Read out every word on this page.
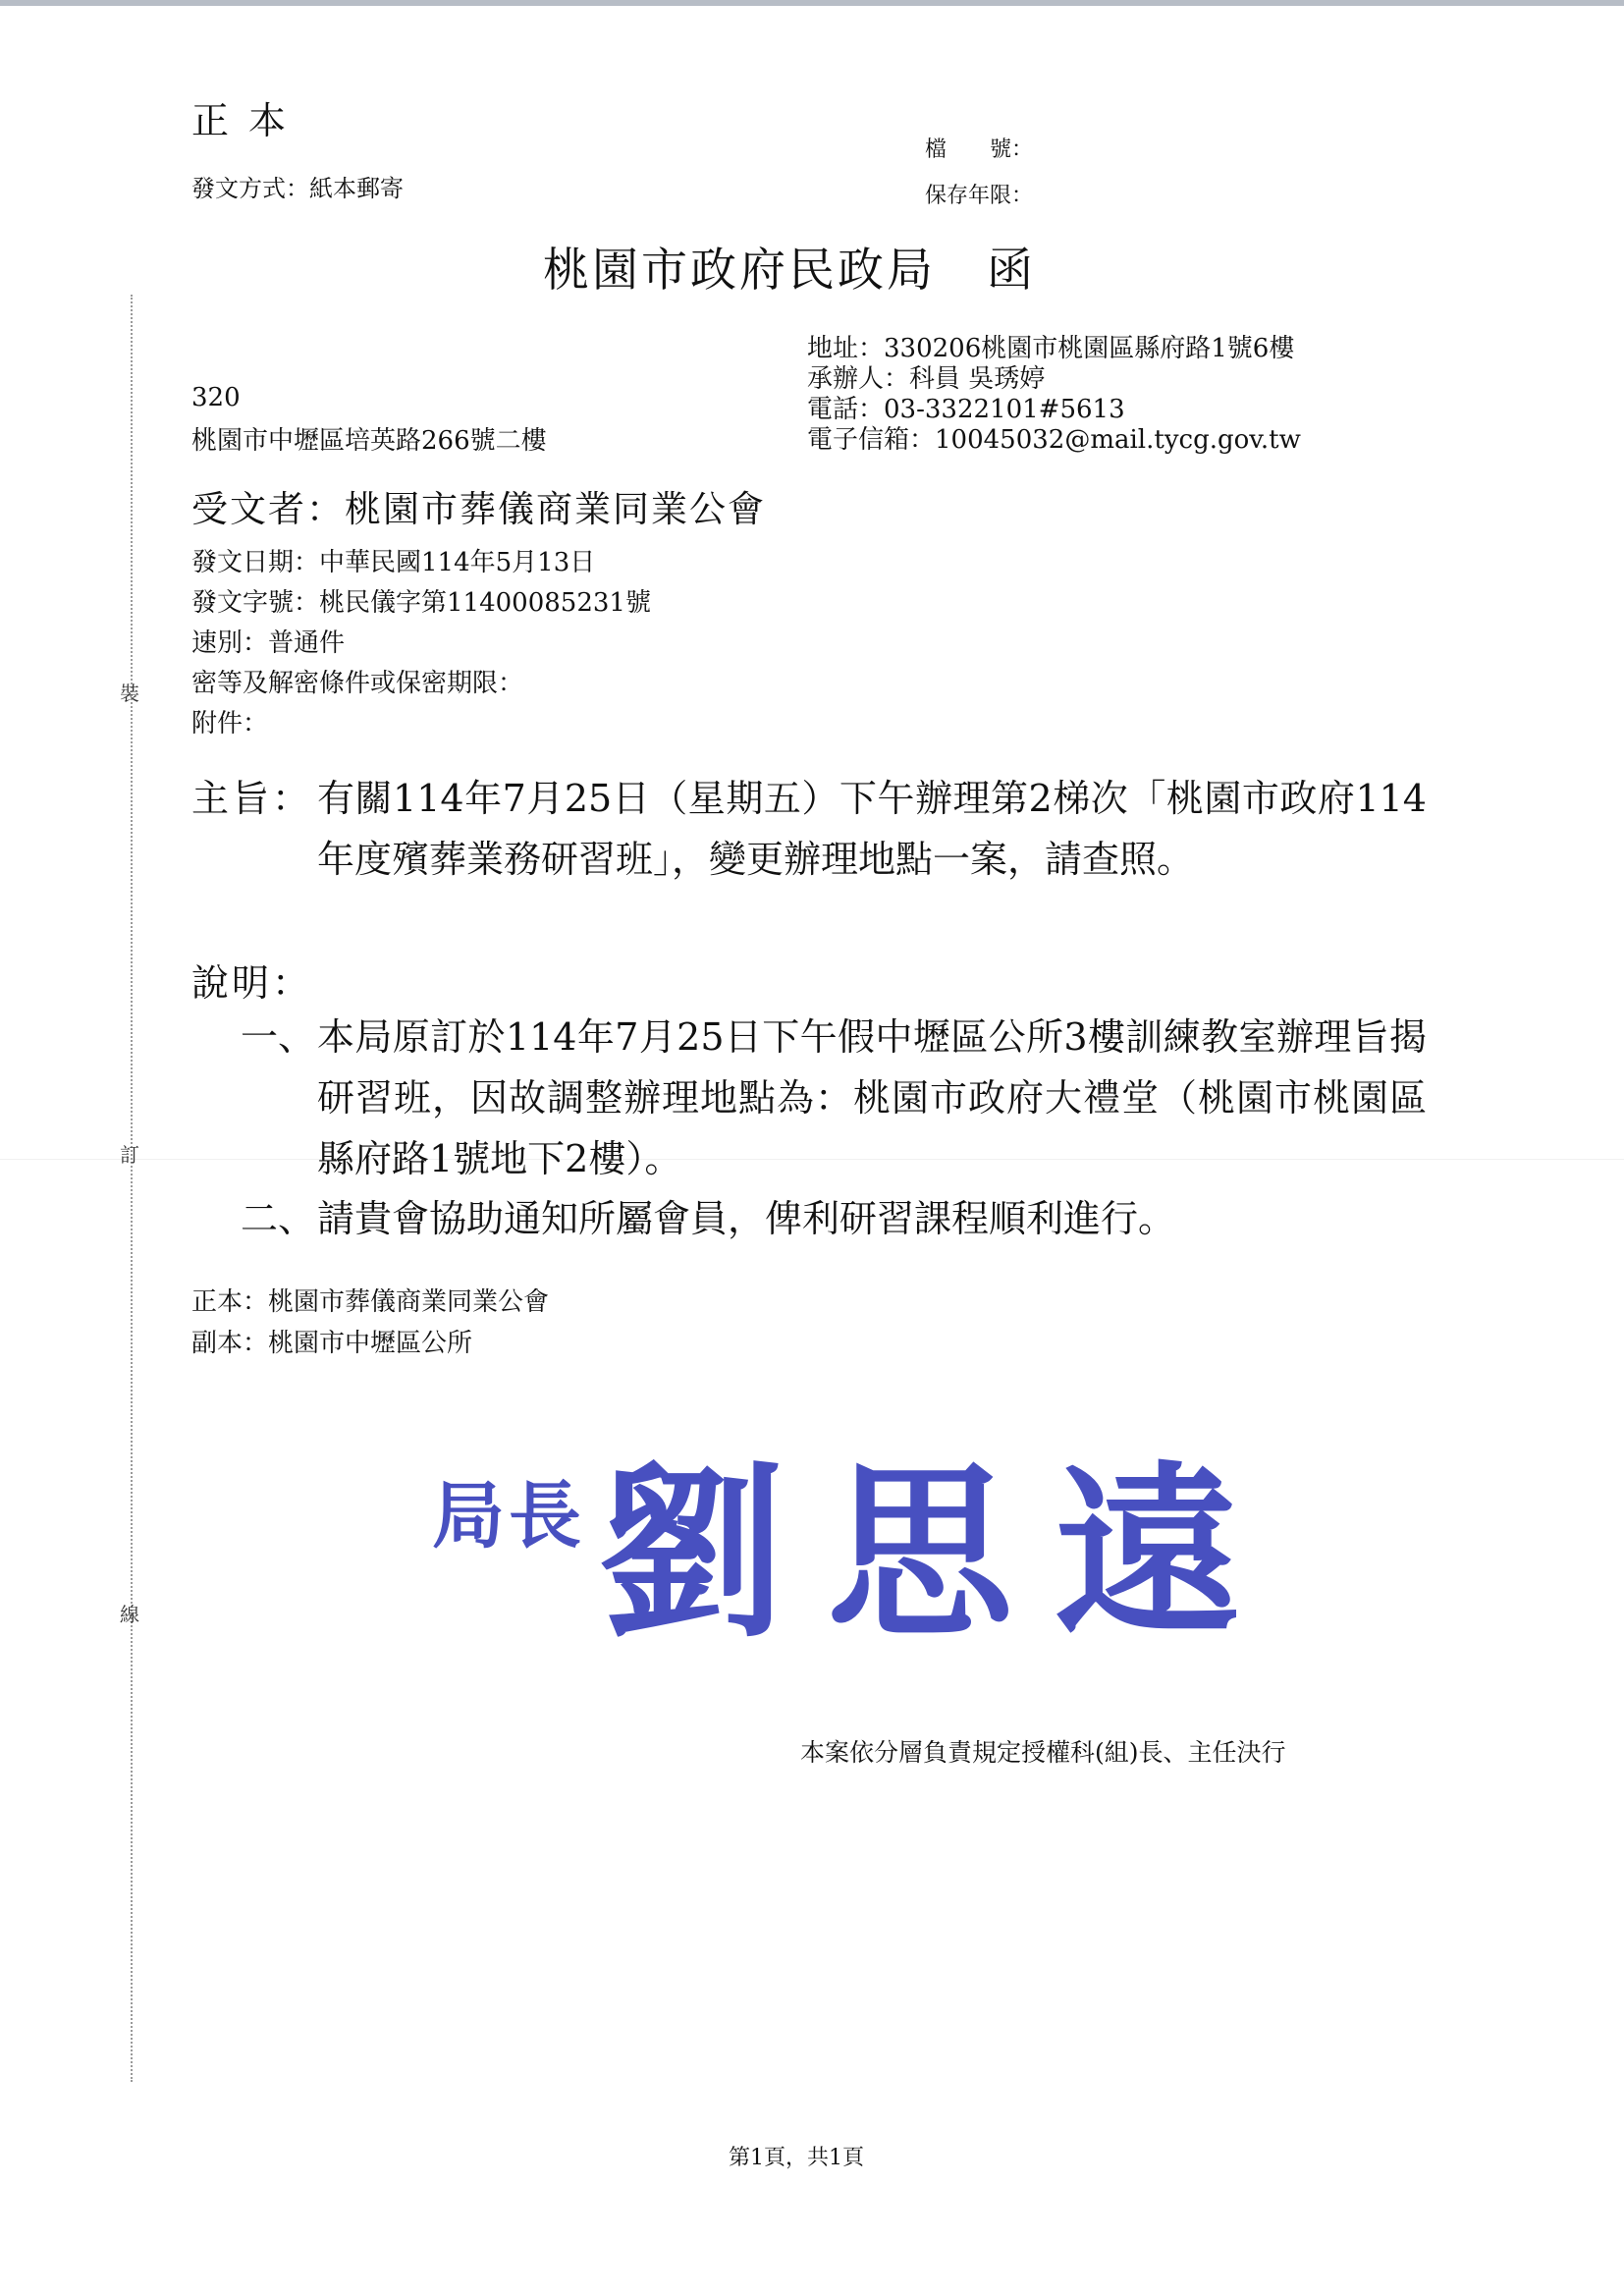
裝
訂
線
正本
發文方式：紙本郵寄
檔　　號：
保存年限：
桃園市政府民政局 函
地址：330206桃園市桃園區縣府路1號6樓
承辦人：科員 吳琇婷
電話：03-3322101#5613
電子信箱：10045032@mail.tycg.gov.tw
320
桃園市中壢區培英路266號二樓
受文者：桃園市葬儀商業同業公會
發文日期：中華民國114年5月13日
發文字號：桃民儀字第11400085231號
速別：普通件
密等及解密條件或保密期限：
附件：
主旨： 有關114年7月25日（星期五）下午辦理第2梯次「桃園市政府114年度殯葬業務研習班」，變更辦理地點一案，請查照。
說明：
一、 本局原訂於114年7月25日下午假中壢區公所3樓訓練教室辦理旨揭研習班，因故調整辦理地點為：桃園市政府大禮堂（桃園市桃園區縣府路1號地下2樓）。
二、 請貴會協助通知所屬會員，俾利研習課程順利進行。
正本：桃園市葬儀商業同業公會
副本：桃園市中壢區公所
局長 劉思遠
本案依分層負責規定授權科(組)長、主任決行
第1頁，共1頁
